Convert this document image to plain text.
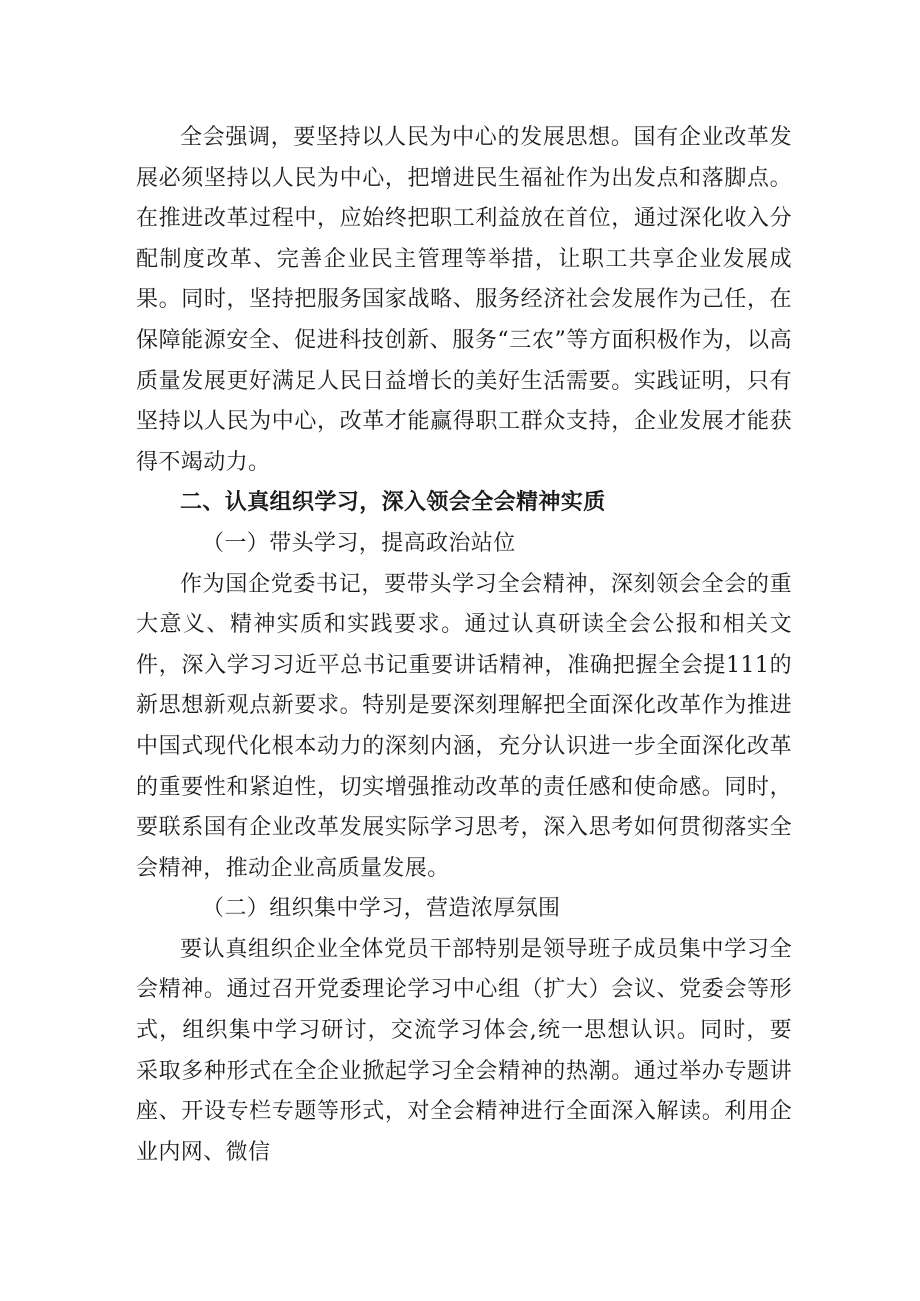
全会强调，要坚持以人民为中心的发展思想。国有企业改革发展必须坚持以人民为中心，把增进民生福祉作为出发点和落脚点。在推进改革过程中，应始终把职工利益放在首位，通过深化收入分配制度改革、完善企业民主管理等举措，让职工共享企业发展成果。同时，坚持把服务国家战略、服务经济社会发展作为己任，在保障能源安全、促进科技创新、服务“三农”等方面积极作为，以高质量发展更好满足人民日益增长的美好生活需要。实践证明，只有坚持以人民为中心，改革才能赢得职工群众支持，企业发展才能获得不竭动力。

二、认真组织学习，深入领会全会精神实质

（一）带头学习，提高政治站位

作为国企党委书记，要带头学习全会精神，深刻领会全会的重大意义、精神实质和实践要求。通过认真研读全会公报和相关文件，深入学习习近平总书记重要讲话精神，准确把握全会提111的新思想新观点新要求。特别是要深刻理解把全面深化改革作为推进中国式现代化根本动力的深刻内涵，充分认识进一步全面深化改革的重要性和紧迫性，切实增强推动改革的责任感和使命感。同时，要联系国有企业改革发展实际学习思考，深入思考如何贯彻落实全会精神，推动企业高质量发展。

（二）组织集中学习，营造浓厚氛围

要认真组织企业全体党员干部特别是领导班子成员集中学习全会精神。通过召开党委理论学习中心组（扩大）会议、党委会等形式，组织集中学习研讨，交流学习体会,统一思想认识。同时，要采取多种形式在全企业掀起学习全会精神的热潮。通过举办专题讲座、开设专栏专题等形式，对全会精神进行全面深入解读。利用企业内网、微信
